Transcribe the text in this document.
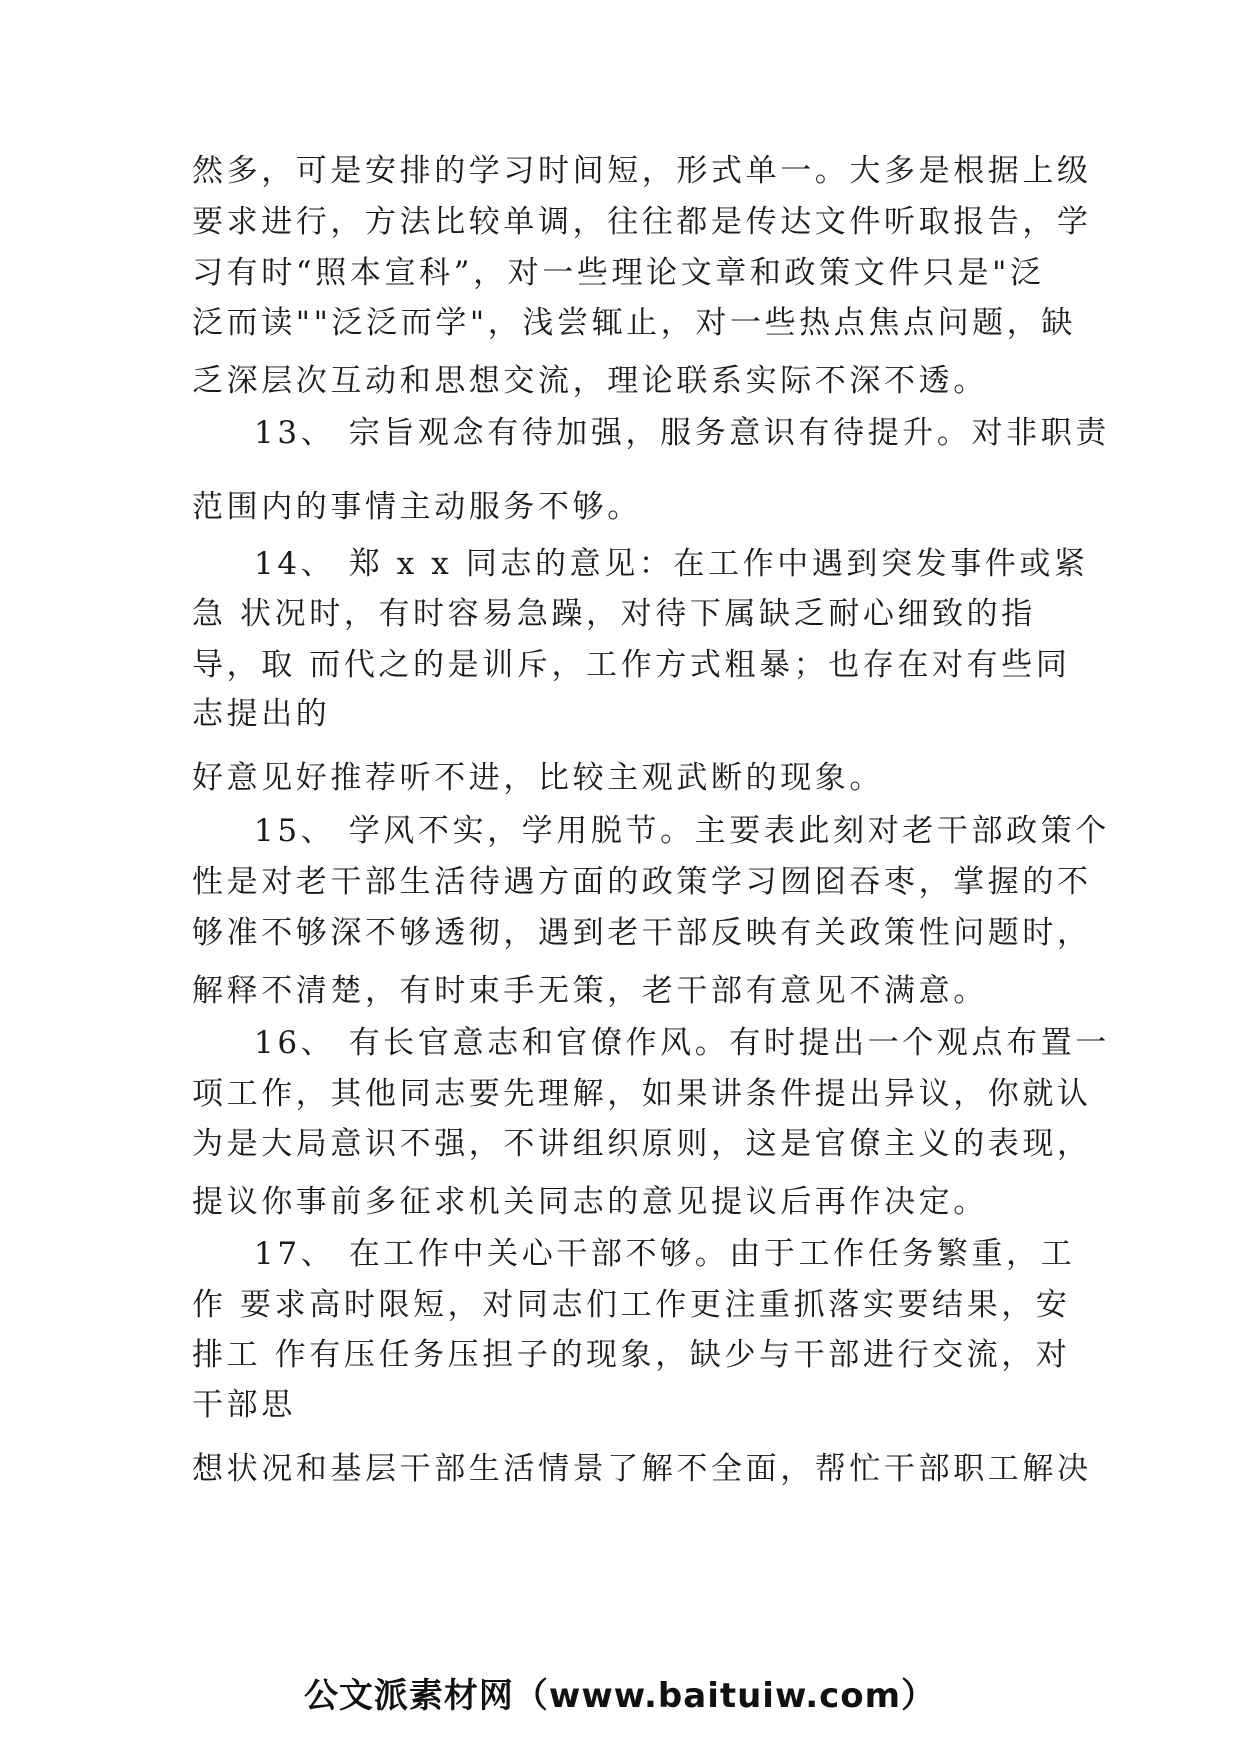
然多，可是安排的学习时间短，形式单一。大多是根据上级
要求进行，方法比较单调，往往都是传达文件听取报告，学
习有时“照本宣科”，对一些理论文章和政策文件只是"泛
泛而读""泛泛而学"，浅尝辄止，对一些热点焦点问题，缺
乏深层次互动和思想交流，理论联系实际不深不透。
13、 宗旨观念有待加强，服务意识有待提升。对非职责
范围内的事情主动服务不够。
14、 郑 x x 同志的意见：在工作中遇到突发事件或紧
急 状况时，有时容易急躁，对待下属缺乏耐心细致的指
导，取 而代之的是训斥，工作方式粗暴；也存在对有些同
志提出的
好意见好推荐听不进，比较主观武断的现象。
15、 学风不实，学用脱节。主要表此刻对老干部政策个
性是对老干部生活待遇方面的政策学习囫囵吞枣，掌握的不
够准不够深不够透彻，遇到老干部反映有关政策性问题时，
解释不清楚，有时束手无策，老干部有意见不满意。
16、 有长官意志和官僚作风。有时提出一个观点布置一
项工作，其他同志要先理解，如果讲条件提出异议，你就认
为是大局意识不强，不讲组织原则，这是官僚主义的表现，
提议你事前多征求机关同志的意见提议后再作决定。
17、 在工作中关心干部不够。由于工作任务繁重，工
作 要求高时限短，对同志们工作更注重抓落实要结果，安
排工 作有压任务压担子的现象，缺少与干部进行交流，对
干部思
想状况和基层干部生活情景了解不全面，帮忙干部职工解决
公文派素材网（www.baituiw.com）
